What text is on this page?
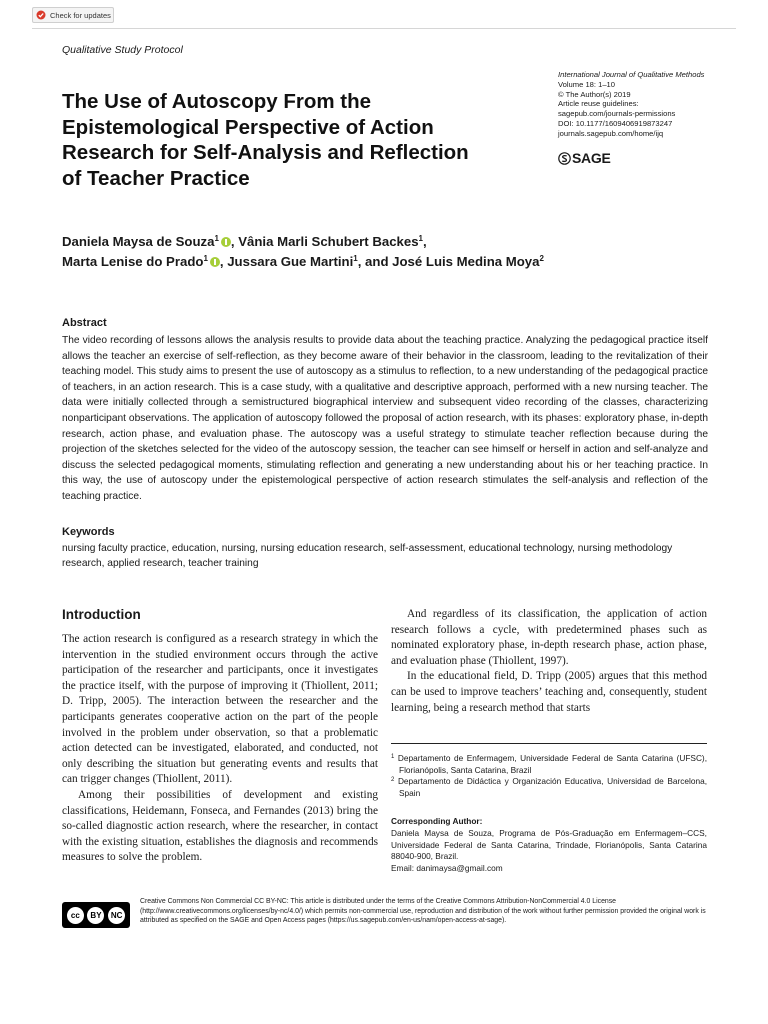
Check for updates
Qualitative Study Protocol
The Use of Autoscopy From the Epistemological Perspective of Action Research for Self-Analysis and Reflection of Teacher Practice
International Journal of Qualitative Methods
Volume 18: 1–10
© The Author(s) 2019
Article reuse guidelines:
sagepub.com/journals-permissions
DOI: 10.1177/1609406919873247
journals.sagepub.com/home/ijq
SAGE
Daniela Maysa de Souza$^1$ , Vânia Marli Schubert Backes$^1$,
Marta Lenise do Prado$^1$ , Jussara Gue Martini$^1$, and José Luis Medina Moya$^2$
Abstract

The video recording of lessons allows the analysis results to provide data about the teaching practice. Analyzing the pedagogical practice itself allows the teacher an exercise of self-reflection, as they become aware of their behavior in the classroom, leading to the revitalization of their teaching model. This study aims to present the use of autoscopy as a stimulus to reflection, to a new understanding of the pedagogical practice of teachers, in an action research. This is a case study, with a qualitative and descriptive approach, performed with a new nursing teacher. The data were initially collected through a semistructured biographical interview and subsequent video recording of the classes, characterizing nonparticipant observations. The application of autoscopy followed the proposal of action research, with its phases: exploratory phase, in-depth research, action phase, and evaluation phase. The autoscopy was a useful strategy to stimulate teacher reflection because during the projection of the sketches selected for the video of the autoscopy session, the teacher can see himself or herself in action and self-analyze and discuss the selected pedagogical moments, stimulating reflection and generating a new understanding about his or her teaching practice. In this way, the use of autoscopy under the epistemological perspective of action research stimulates the self-analysis and reflection of the teaching practice.

Keywords

nursing faculty practice, education, nursing, nursing education research, self-assessment, educational technology, nursing methodology research, applied research, teacher training

Introduction

The action research is configured as a research strategy in which the intervention in the studied environment occurs through the active participation of the researcher and participants, once it investigates the practice itself, with the purpose of improving it (Thiollent, 2011; D. Tripp, 2005). The interaction between the researcher and the participants generates cooperative action on the part of the people involved in the problem under observation, so that a problematic action detected can be investigated, elaborated, and conducted, not only describing the situation but generating events and results that can trigger changes (Thiollent, 2011).

Among their possibilities of development and existing classifications, Heidemann, Fonseca, and Fernandes (2013) bring the so-called diagnostic action research, where the researcher, in contact with the existing situation, establishes the diagnosis and recommends measures to solve the problem.

And regardless of its classification, the application of action research follows a cycle, with predetermined phases such as nominated exploratory phase, in-depth research phase, action phase, and evaluation phase (Thiollent, 1997).

In the educational field, D. Tripp (2005) argues that this method can be used to improve teachers’ teaching and, consequently, student learning, being a research method that starts

$^1$ Departamento de Enfermagem, Universidade Federal de Santa Catarina (UFSC), Florianópolis, Santa Catarina, Brazil

$^2$ Departamento de Didáctica y Organización Educativa, Universidad de Barcelona, Spain

Corresponding Author:
Daniela Maysa de Souza, Programa de Pós-Graduação em Enfermagem–CCS, Universidade Federal de Santa Catarina, Trindade, Florianópolis, Santa Catarina 88040-900, Brazil.
Email: danimaysa@gmail.com
cc	BY	NC

Creative Commons Non Commercial CC BY-NC: This article is distributed under the terms of the Creative Commons Attribution-NonCommercial 4.0 License (http://www.creativecommons.org/licenses/by-nc/4.0/) which permits non-commercial use, reproduction and distribution of the work without further permission provided the original work is attributed as specified on the SAGE and Open Access pages (https://us.sagepub.com/en-us/nam/open-access-at-sage).
